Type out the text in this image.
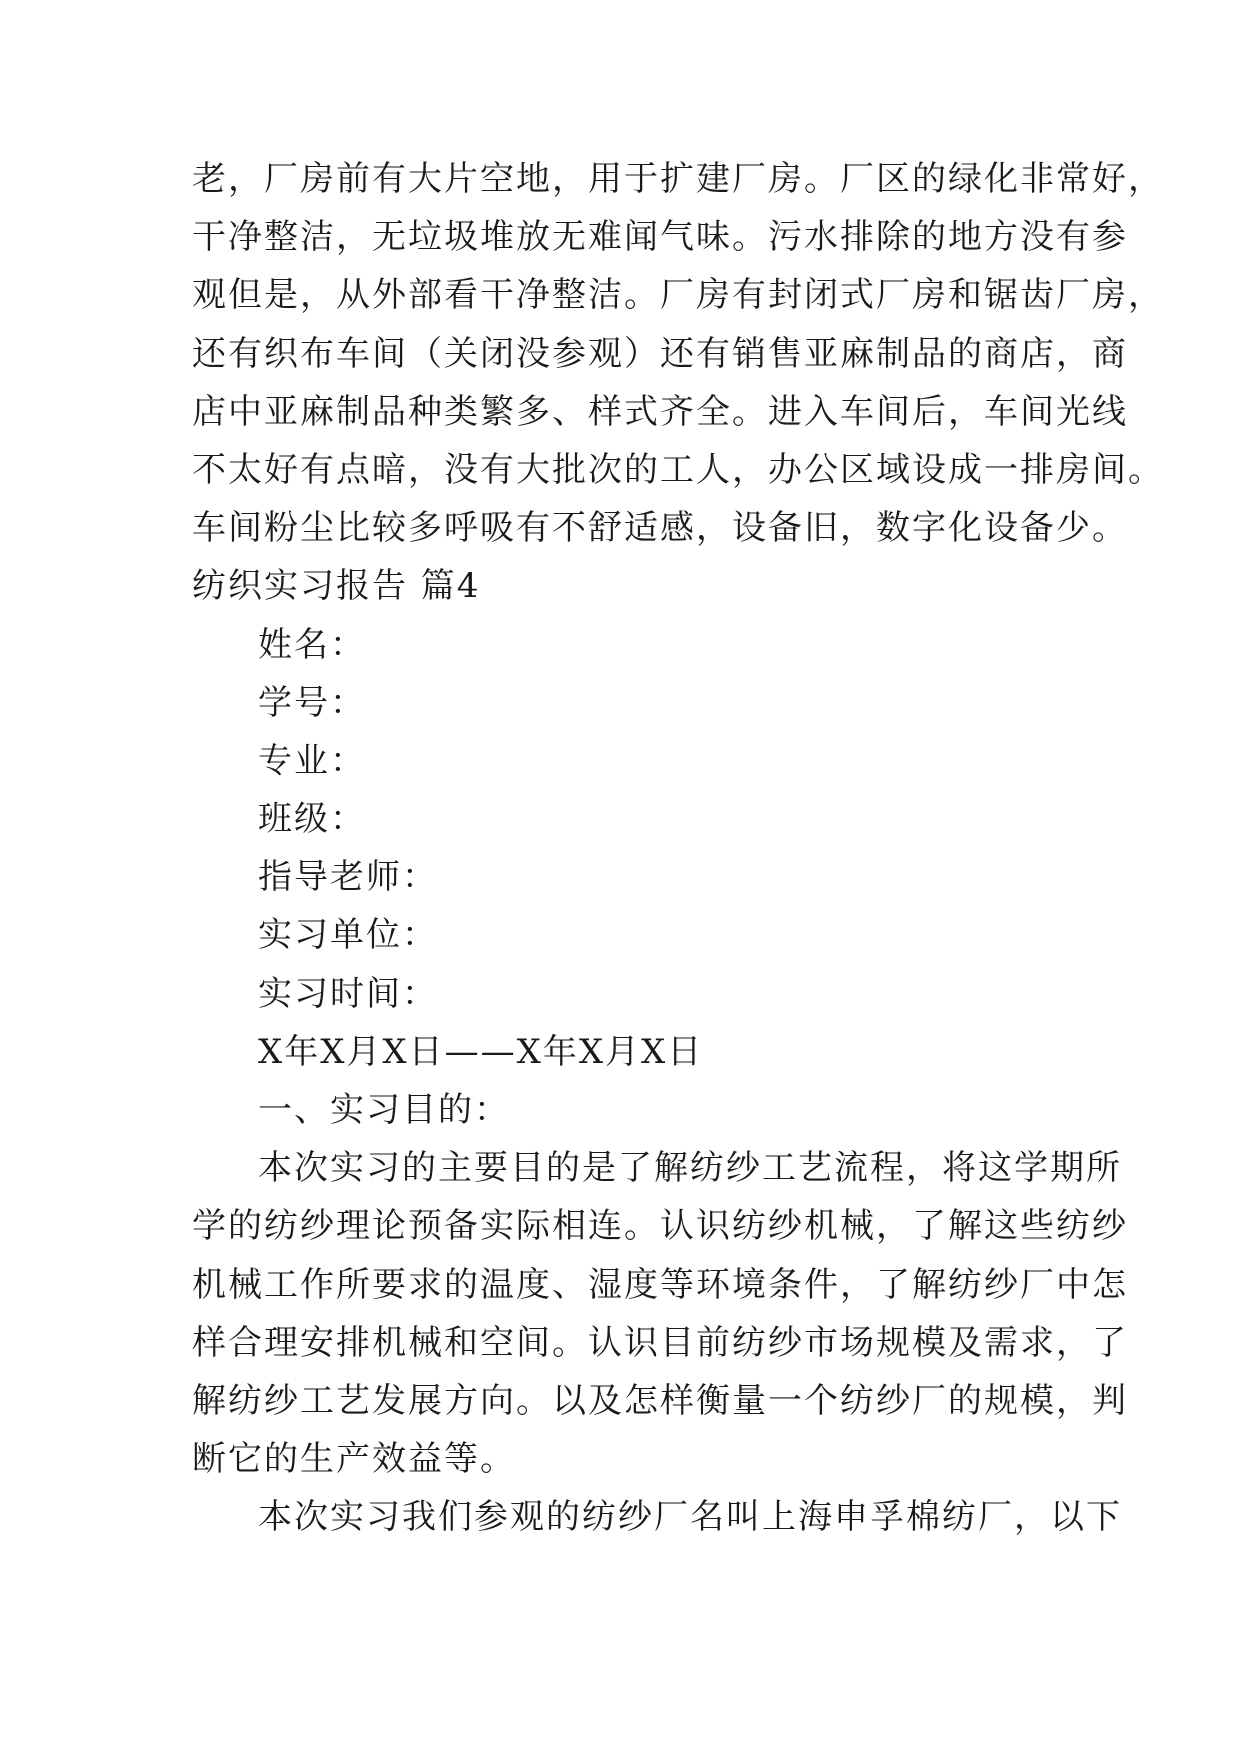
老，厂房前有大片空地，用于扩建厂房。厂区的绿化非常好，
干净整洁，无垃圾堆放无难闻气味。污水排除的地方没有参
观但是，从外部看干净整洁。厂房有封闭式厂房和锯齿厂房，
还有织布车间（关闭没参观）还有销售亚麻制品的商店，商
店中亚麻制品种类繁多、样式齐全。进入车间后，车间光线
不太好有点暗，没有大批次的工人，办公区域设成一排房间。
车间粉尘比较多呼吸有不舒适感，设备旧，数字化设备少。
纺织实习报告 篇4
姓名：
学号：
专业：
班级：
指导老师：
实习单位：
实习时间：
X年X月X日——X年X月X日
一、实习目的：
本次实习的主要目的是了解纺纱工艺流程，将这学期所
学的纺纱理论预备实际相连。认识纺纱机械，了解这些纺纱
机械工作所要求的温度、湿度等环境条件，了解纺纱厂中怎
样合理安排机械和空间。认识目前纺纱市场规模及需求，了
解纺纱工艺发展方向。以及怎样衡量一个纺纱厂的规模，判
断它的生产效益等。
本次实习我们参观的纺纱厂名叫上海申孚棉纺厂，以下
